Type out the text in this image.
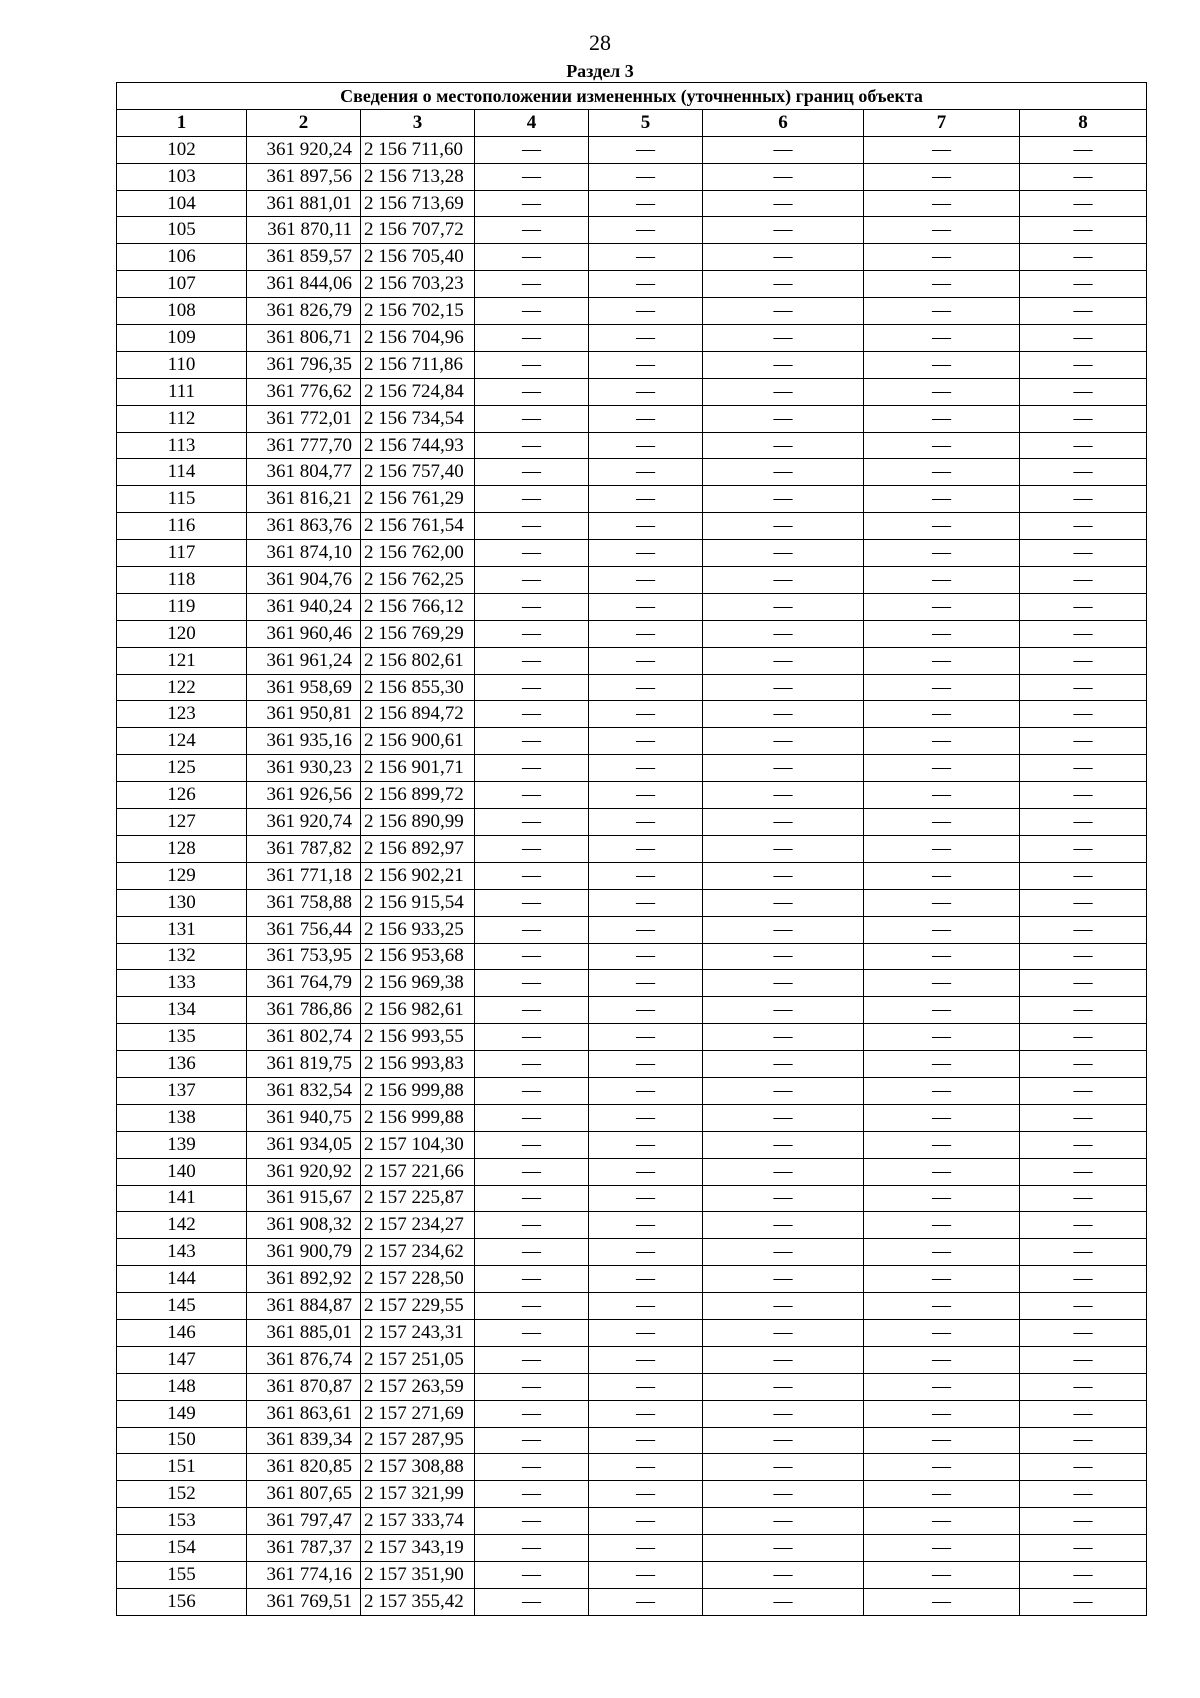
28
Раздел 3
Сведения о местоположении измененных (уточненных) границ объекта							
1	2	3	4	5	6	7	8
102	361 920,24	2 156 711,60	—	—	—	—	—
103	361 897,56	2 156 713,28	—	—	—	—	—
104	361 881,01	2 156 713,69	—	—	—	—	—
105	361 870,11	2 156 707,72	—	—	—	—	—
106	361 859,57	2 156 705,40	—	—	—	—	—
107	361 844,06	2 156 703,23	—	—	—	—	—
108	361 826,79	2 156 702,15	—	—	—	—	—
109	361 806,71	2 156 704,96	—	—	—	—	—
110	361 796,35	2 156 711,86	—	—	—	—	—
111	361 776,62	2 156 724,84	—	—	—	—	—
112	361 772,01	2 156 734,54	—	—	—	—	—
113	361 777,70	2 156 744,93	—	—	—	—	—
114	361 804,77	2 156 757,40	—	—	—	—	—
115	361 816,21	2 156 761,29	—	—	—	—	—
116	361 863,76	2 156 761,54	—	—	—	—	—
117	361 874,10	2 156 762,00	—	—	—	—	—
118	361 904,76	2 156 762,25	—	—	—	—	—
119	361 940,24	2 156 766,12	—	—	—	—	—
120	361 960,46	2 156 769,29	—	—	—	—	—
121	361 961,24	2 156 802,61	—	—	—	—	—
122	361 958,69	2 156 855,30	—	—	—	—	—
123	361 950,81	2 156 894,72	—	—	—	—	—
124	361 935,16	2 156 900,61	—	—	—	—	—
125	361 930,23	2 156 901,71	—	—	—	—	—
126	361 926,56	2 156 899,72	—	—	—	—	—
127	361 920,74	2 156 890,99	—	—	—	—	—
128	361 787,82	2 156 892,97	—	—	—	—	—
129	361 771,18	2 156 902,21	—	—	—	—	—
130	361 758,88	2 156 915,54	—	—	—	—	—
131	361 756,44	2 156 933,25	—	—	—	—	—
132	361 753,95	2 156 953,68	—	—	—	—	—
133	361 764,79	2 156 969,38	—	—	—	—	—
134	361 786,86	2 156 982,61	—	—	—	—	—
135	361 802,74	2 156 993,55	—	—	—	—	—
136	361 819,75	2 156 993,83	—	—	—	—	—
137	361 832,54	2 156 999,88	—	—	—	—	—
138	361 940,75	2 156 999,88	—	—	—	—	—
139	361 934,05	2 157 104,30	—	—	—	—	—
140	361 920,92	2 157 221,66	—	—	—	—	—
141	361 915,67	2 157 225,87	—	—	—	—	—
142	361 908,32	2 157 234,27	—	—	—	—	—
143	361 900,79	2 157 234,62	—	—	—	—	—
144	361 892,92	2 157 228,50	—	—	—	—	—
145	361 884,87	2 157 229,55	—	—	—	—	—
146	361 885,01	2 157 243,31	—	—	—	—	—
147	361 876,74	2 157 251,05	—	—	—	—	—
148	361 870,87	2 157 263,59	—	—	—	—	—
149	361 863,61	2 157 271,69	—	—	—	—	—
150	361 839,34	2 157 287,95	—	—	—	—	—
151	361 820,85	2 157 308,88	—	—	—	—	—
152	361 807,65	2 157 321,99	—	—	—	—	—
153	361 797,47	2 157 333,74	—	—	—	—	—
154	361 787,37	2 157 343,19	—	—	—	—	—
155	361 774,16	2 157 351,90	—	—	—	—	—
156	361 769,51	2 157 355,42	—	—	—	—	—
